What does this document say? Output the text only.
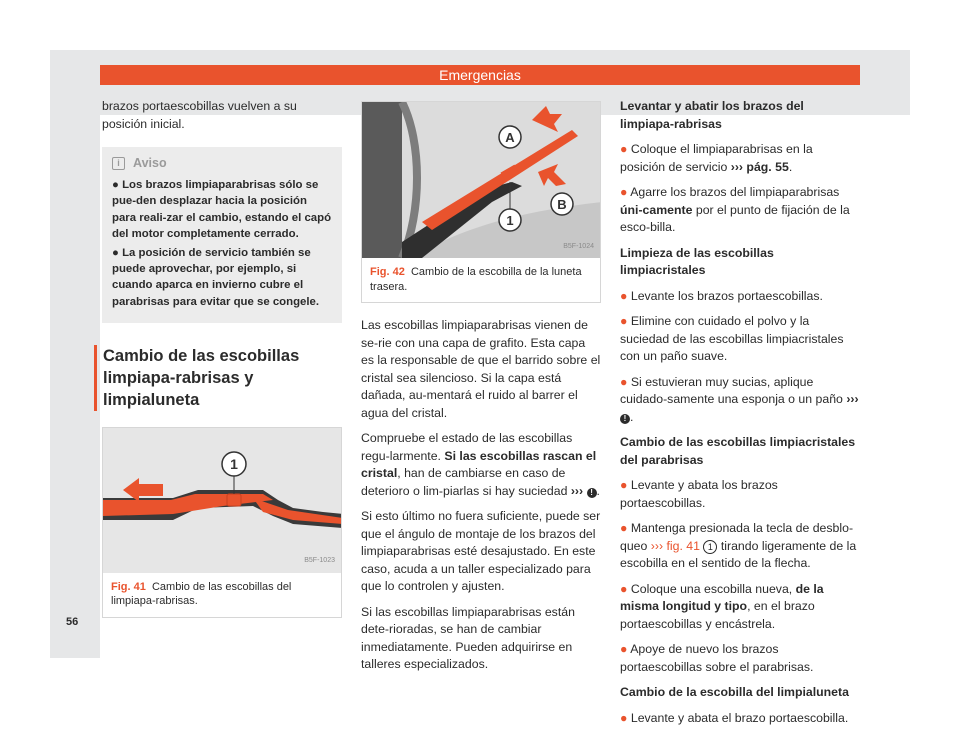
Emergencias

brazos portaescobillas vuelven a su posición inicial.

i	Aviso

● Los brazos limpiaparabrisas sólo se pue-den desplazar hacia la posición para reali-zar el cambio, estando el capó del motor completamente cerrado.

● La posición de servicio también se puede aprovechar, por ejemplo, si cuando aparca en invierno cubre el parabrisas para evitar que se congele.

Cambio de las escobillas limpiapa-rabrisas y limpialuneta
1
B5F-1023
Fig. 41 Cambio de las escobillas del limpiapa-rabrisas.
1
A
B
B5F-1024
Fig. 42 Cambio de la escobilla de la luneta trasera.

Las escobillas limpiaparabrisas vienen de se-rie con una capa de grafito. Esta capa es la responsable de que el barrido sobre el cristal sea silencioso. Si la capa está dañada, au-mentará el ruido al barrer el agua del cristal.

Compruebe el estado de las escobillas regu-larmente. Si las escobillas rascan el cristal, han de cambiarse en caso de deterioro o lim-piarlas si hay suciedad ››› ! .

Si esto último no fuera suficiente, puede ser que el ángulo de montaje de los brazos del limpiaparabrisas esté desajustado. En este caso, acuda a un taller especializado para que lo controlen y ajusten.

Si las escobillas limpiaparabrisas están dete-rioradas, se han de cambiar inmediatamente. Pueden adquirirse en talleres especializados.

Levantar y abatir los brazos del limpiapa-rabrisas

● Coloque el limpiaparabrisas en la posición de servicio ››› pág. 55.

● Agarre los brazos del limpiaparabrisas úni-camente por el punto de fijación de la esco-billa.

Limpieza de las escobillas limpiacristales

● Levante los brazos portaescobillas.

● Elimine con cuidado el polvo y la suciedad de las escobillas limpiacristales con un paño suave.

● Si estuvieran muy sucias, aplique cuidado-samente una esponja o un paño ››› ! .

Cambio de las escobillas limpiacristales del parabrisas

● Levante y abata los brazos portaescobillas.

● Mantenga presionada la tecla de desblo-queo ››› fig. 41 1 tirando ligeramente de la escobilla en el sentido de la flecha.

● Coloque una escobilla nueva, de la misma longitud y tipo, en el brazo portaescobillas y encástrela.

● Apoye de nuevo los brazos portaescobillas sobre el parabrisas.

Cambio de la escobilla del limpialuneta

● Levante y abata el brazo portaescobilla.

56
